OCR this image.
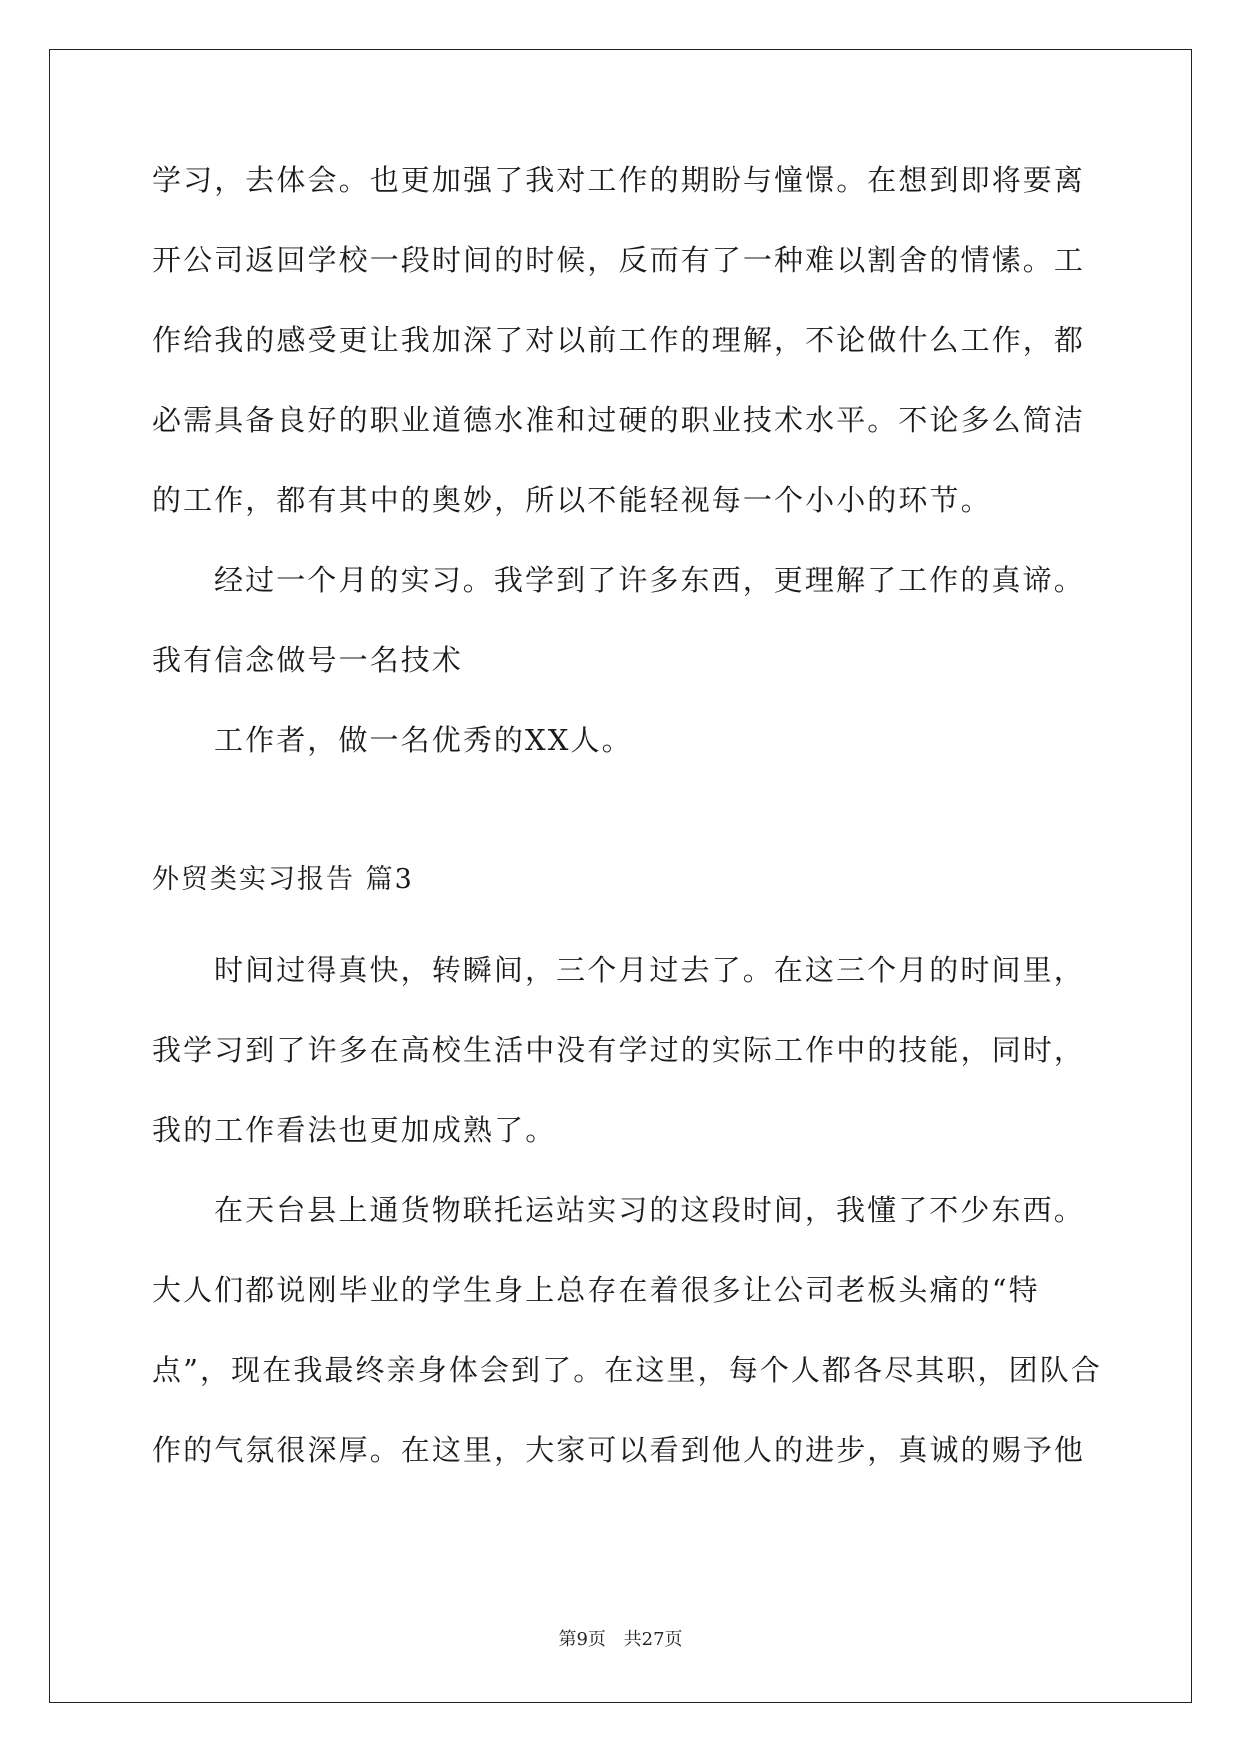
学习，去体会。也更加强了我对工作的期盼与憧憬。在想到即将要离
开公司返回学校一段时间的时候，反而有了一种难以割舍的情愫。工
作给我的感受更让我加深了对以前工作的理解，不论做什么工作，都
必需具备良好的职业道德水准和过硬的职业技术水平。不论多么简洁
的工作，都有其中的奥妙，所以不能轻视每一个小小的环节。
经过一个月的实习。我学到了许多东西，更理解了工作的真谛。
我有信念做号一名技术
工作者，做一名优秀的XX人。
外贸类实习报告 篇3
时间过得真快，转瞬间，三个月过去了。在这三个月的时间里，
我学习到了许多在高校生活中没有学过的实际工作中的技能，同时，
我的工作看法也更加成熟了。
在天台县上通货物联托运站实习的这段时间，我懂了不少东西。
大人们都说刚毕业的学生身上总存在着很多让公司老板头痛的“特
点”，现在我最终亲身体会到了。在这里，每个人都各尽其职，团队合
作的气氛很深厚。在这里，大家可以看到他人的进步，真诚的赐予他
第9页 共27页
